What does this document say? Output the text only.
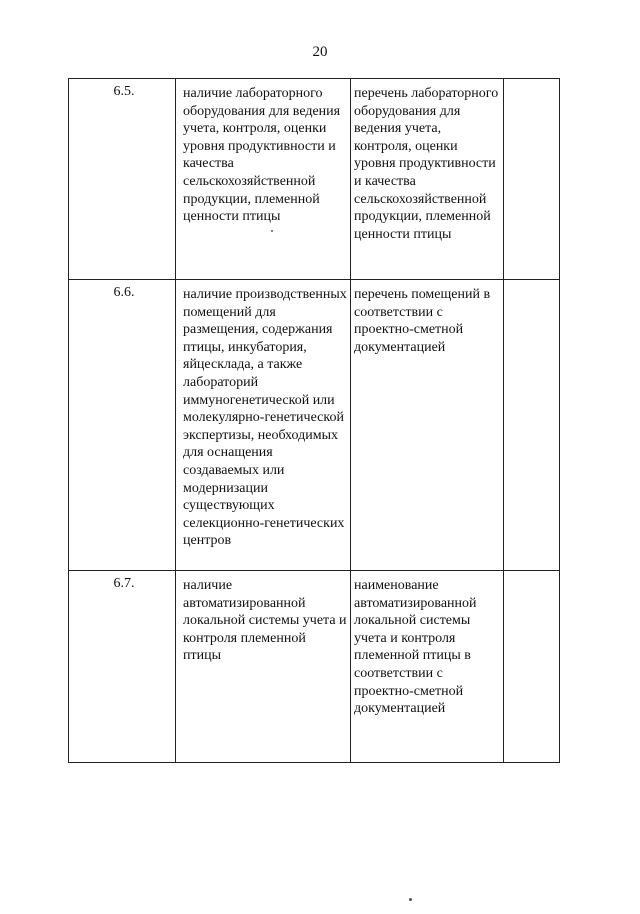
20
6.5.	наличие лабораторного оборудования для ведения учета, контроля, оценки уровня продуктивности и качества сельскохозяйственной продукции, племенной ценности птицы	перечень лабораторного оборудования для ведения учета, контроля, оценки уровня продуктивности и качества сельскохозяйственной продукции, племенной ценности птицы	

6.6.	наличие производственных помещений для размещения, содержания птицы, инкубатория, яйцесклада, а также лабораторий иммуногенетической или молекулярно-генетической экспертизы, необходимых для оснащения создаваемых или модернизации существующих селекционно-генетических центров	перечень помещений в соответствии с проектно-сметной документацией	

6.7.	наличие автоматизированной локальной системы учета и контроля племенной птицы	наименование автоматизированной локальной системы учета и контроля племенной птицы в соответствии с проектно-сметной документацией	
